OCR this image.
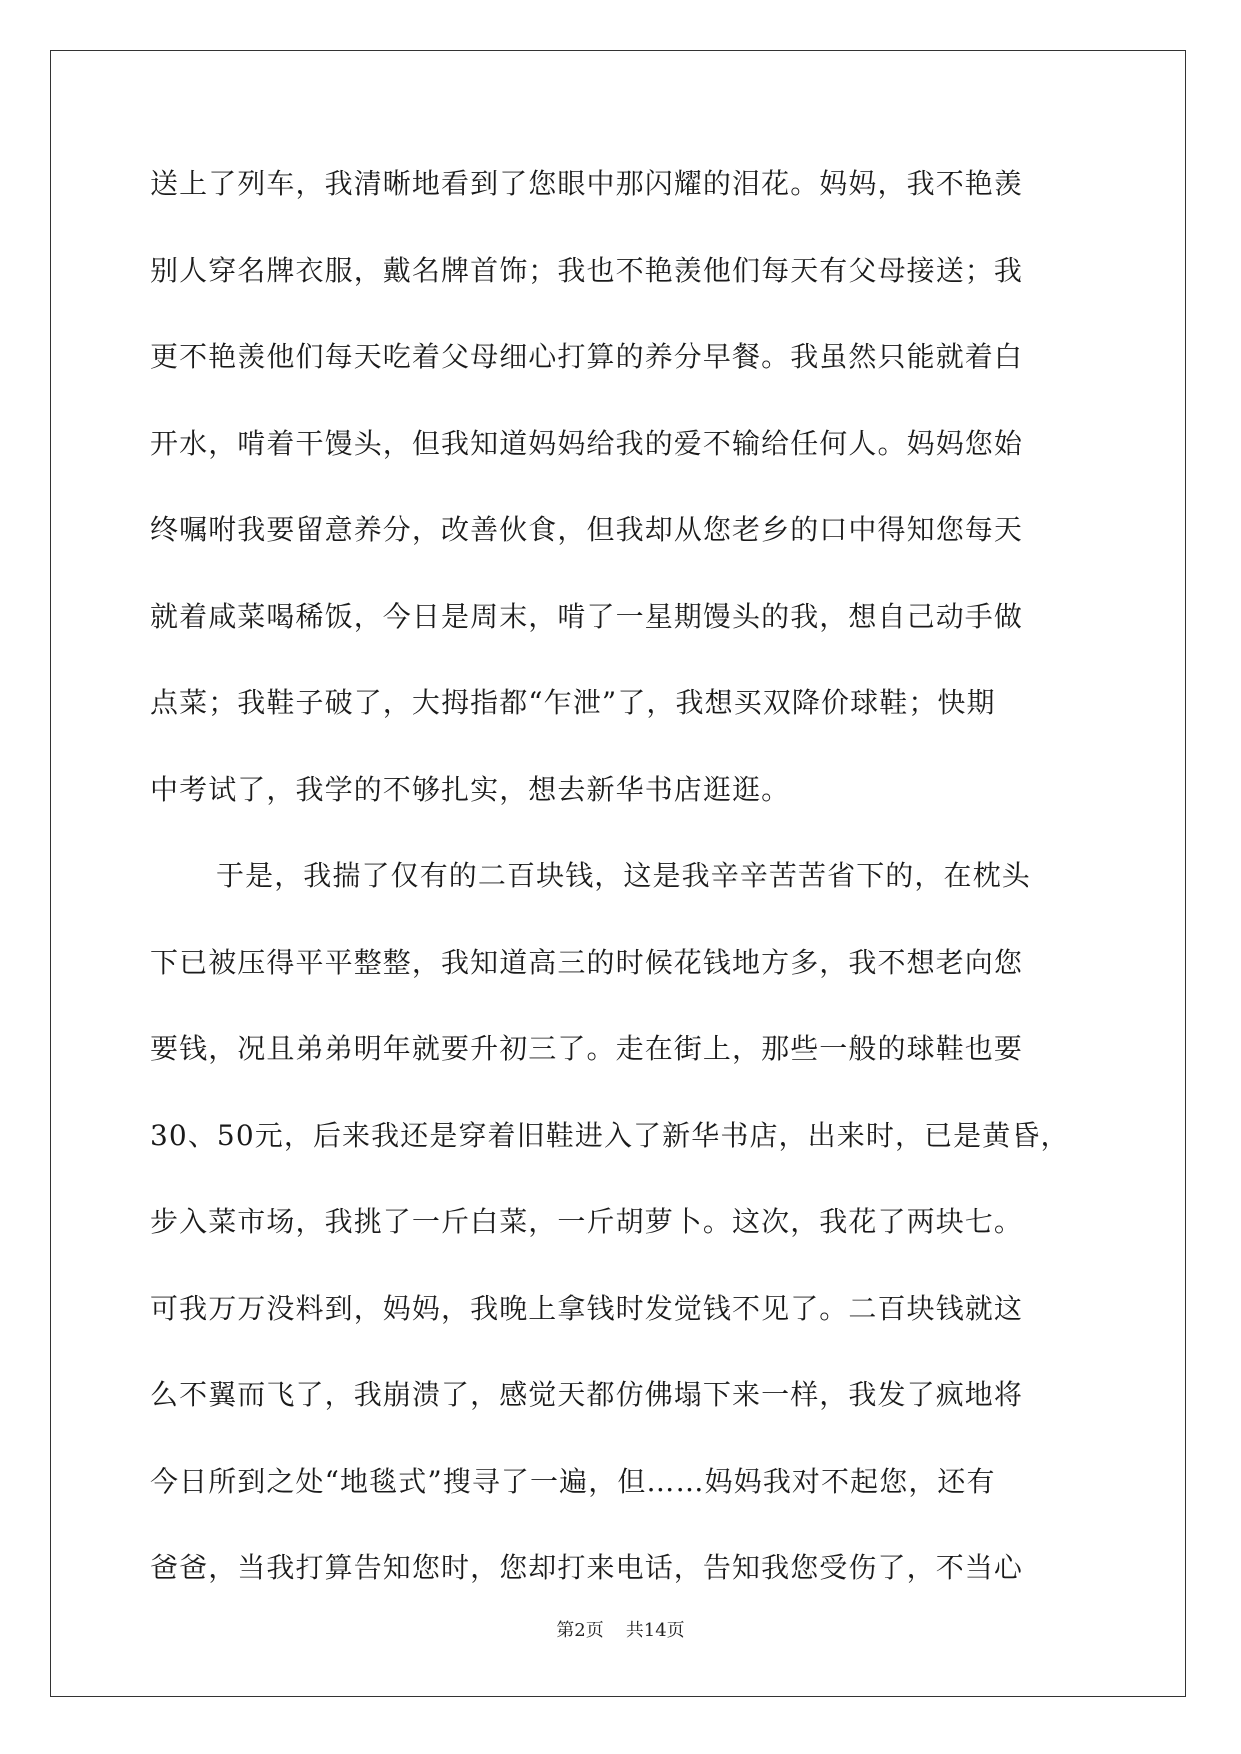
送上了列车，我清晰地看到了您眼中那闪耀的泪花。妈妈，我不艳羡
别人穿名牌衣服，戴名牌首饰；我也不艳羡他们每天有父母接送；我
更不艳羡他们每天吃着父母细心打算的养分早餐。我虽然只能就着白
开水，啃着干馒头，但我知道妈妈给我的爱不输给任何人。妈妈您始
终嘱咐我要留意养分，改善伙食，但我却从您老乡的口中得知您每天
就着咸菜喝稀饭，今日是周末，啃了一星期馒头的我，想自己动手做
点菜；我鞋子破了，大拇指都“乍泄”了，我想买双降价球鞋；快期
中考试了，我学的不够扎实，想去新华书店逛逛。
于是，我揣了仅有的二百块钱，这是我辛辛苦苦省下的，在枕头
下已被压得平平整整，我知道高三的时候花钱地方多，我不想老向您
要钱，况且弟弟明年就要升初三了。走在街上，那些一般的球鞋也要
30、50元，后来我还是穿着旧鞋进入了新华书店，出来时，已是黄昏，
步入菜市场，我挑了一斤白菜，一斤胡萝卜。这次，我花了两块七。
可我万万没料到，妈妈，我晚上拿钱时发觉钱不见了。二百块钱就这
么不翼而飞了，我崩溃了，感觉天都仿佛塌下来一样，我发了疯地将
今日所到之处“地毯式”搜寻了一遍，但……妈妈我对不起您，还有
爸爸，当我打算告知您时，您却打来电话，告知我您受伤了，不当心
第2页 共14页
